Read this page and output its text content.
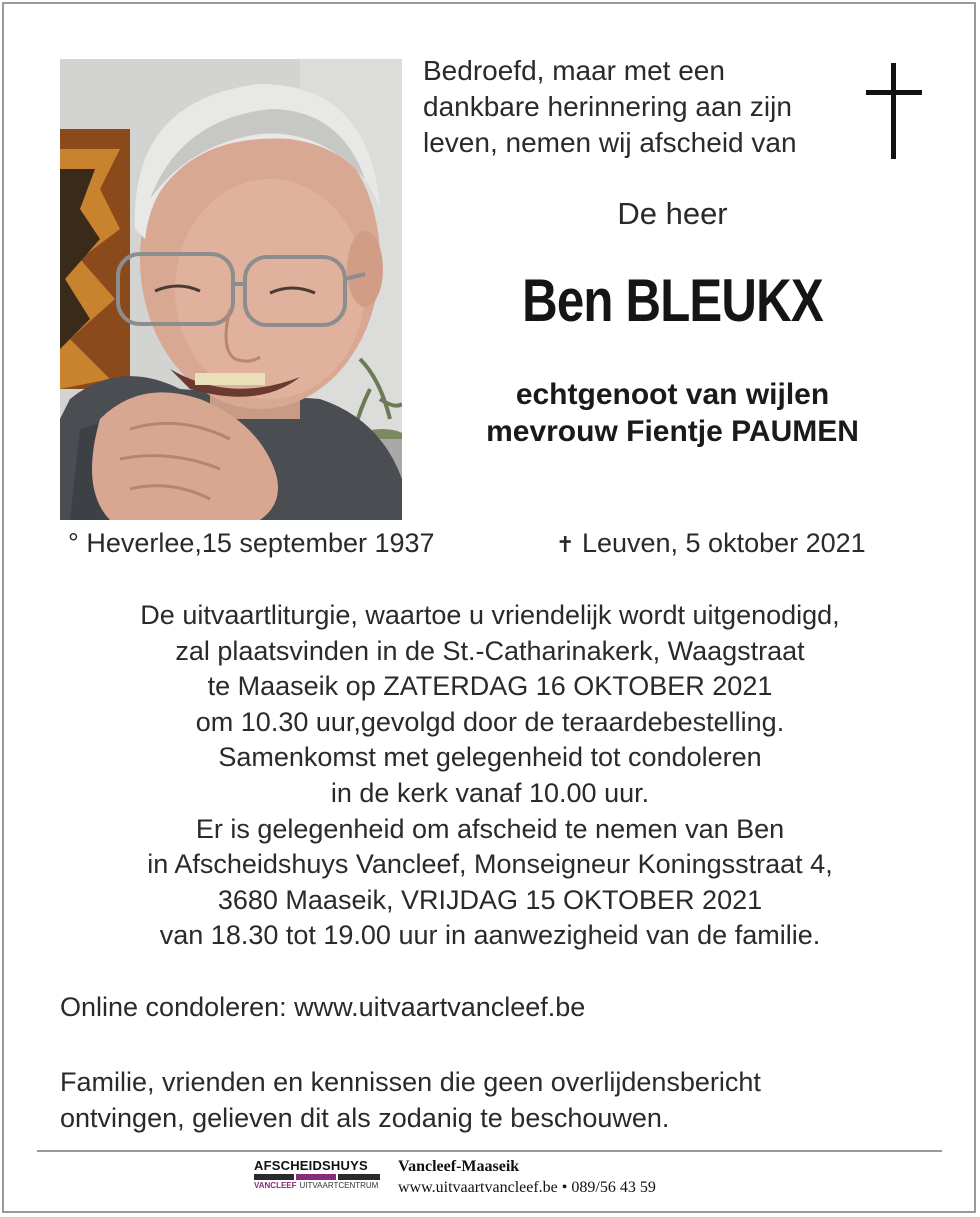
Bedroefd, maar met een
dankbare herinnering aan zijn
leven, nemen wij afscheid van
De heer
Ben BLEUKX
echtgenoot van wijlen
mevrouw Fientje PAUMEN
° Heverlee,15 september 1937	✝ Leuven, 5 oktober 2021
De uitvaartliturgie, waartoe u vriendelijk wordt uitgenodigd,
zal plaatsvinden in de St.-Catharinakerk, Waagstraat
te Maaseik op ZATERDAG 16 OKTOBER 2021
om 10.30 uur,gevolgd door de teraardebestelling.
Samenkomst met gelegenheid tot condoleren
in de kerk vanaf 10.00 uur.
Er is gelegenheid om afscheid te nemen van Ben
in Afscheidshuys Vancleef, Monseigneur Koningsstraat 4,
3680 Maaseik, VRIJDAG 15 OKTOBER 2021
van 18.30 tot 19.00 uur in aanwezigheid van de familie.
Online condoleren: www.uitvaartvancleef.be
Familie, vrienden en kennissen die geen overlijdensbericht
ontvingen, gelieven dit als zodanig te beschouwen.
AFSCHEIDSHUYS
VANCLEEF UITVAARTCENTRUM
Vancleef-Maaseik
www.uitvaartvancleef.be • 089/56 43 59
